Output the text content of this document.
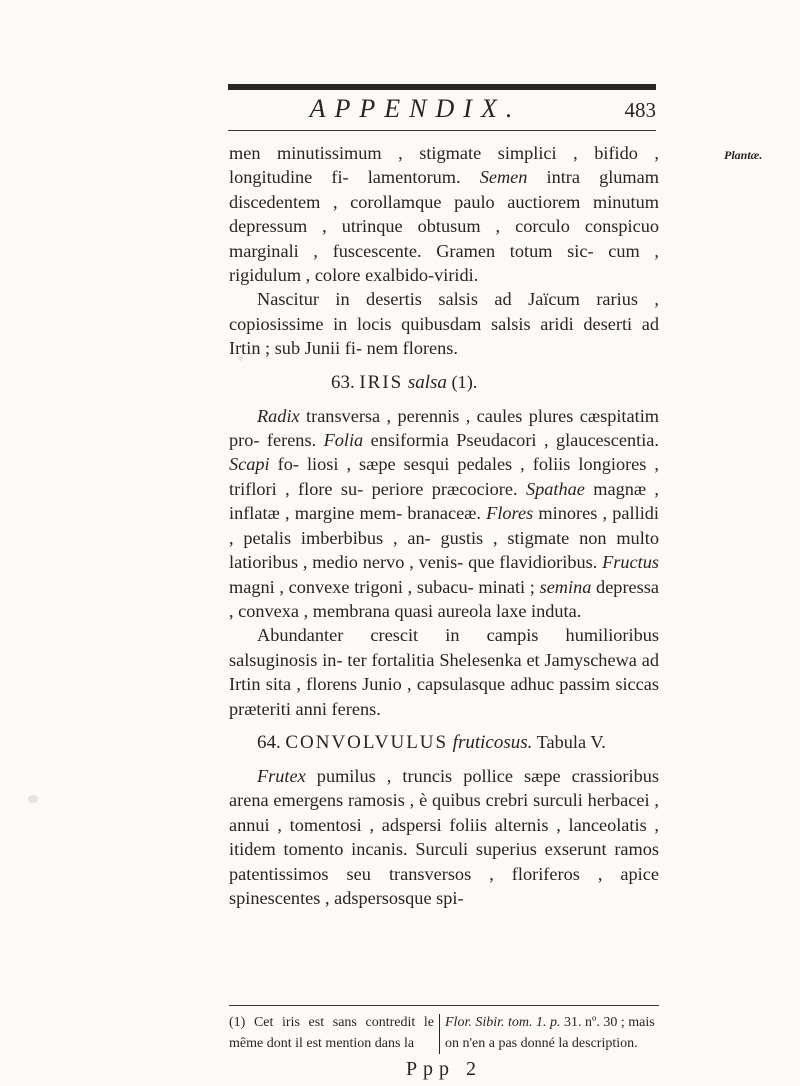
APPENDIX.	483
Plantæ.

men minutissimum , stigmate simplici , bifido , longitudine fi- lamentorum. Semen intra glumam discedentem , corollamque paulo auctiorem minutum depressum , utrinque obtusum , corculo conspicuo marginali , fuscescente. Gramen totum sic- cum , rigidulum , colore exalbido-viridi.

Nascitur in desertis salsis ad Jaïcum rarius , copiosissime in locis quibusdam salsis aridi deserti ad Irtin ; sub Junii fi- nem florens.

63. IRIS salsa (1).

Radix transversa , perennis , caules plures cæspitatim pro- ferens. Folia ensiformia Pseudacori , glaucescentia. Scapi fo- liosi , sæpe sesqui pedales , foliis longiores , triflori , flore su- periore præcociore. Spathae magnæ , inflatæ , margine mem- branaceæ. Flores minores , pallidi , petalis imberbibus , an- gustis , stigmate non multo latioribus , medio nervo , venis- que flavidioribus. Fructus magni , convexe trigoni , subacu- minati ; semina depressa , convexa , membrana quasi aureola laxe induta.

Abundanter crescit in campis humilioribus salsuginosis in- ter fortalitia Shelesenka et Jamyschewa ad Irtin sita , florens Junio , capsulasque adhuc passim siccas præteriti anni ferens.

64. CONVOLVULUS fruticosus. Tabula V.

Frutex pumilus , truncis pollice sæpe crassioribus arena emergens ramosis , è quibus crebri surculi herbacei , annui , tomentosi , adspersi foliis alternis , lanceolatis , itidem tomento incanis. Surculi superius exserunt ramos patentissimos seu transversos , floriferos , apice spinescentes , adspersosque spi-

(1) Cet iris est sans contredit le même dont il est mention dans la
Flor. Sibir. tom. 1. p. 31. nº. 30 ; mais on n'en a pas donné la description.
Ppp 2
